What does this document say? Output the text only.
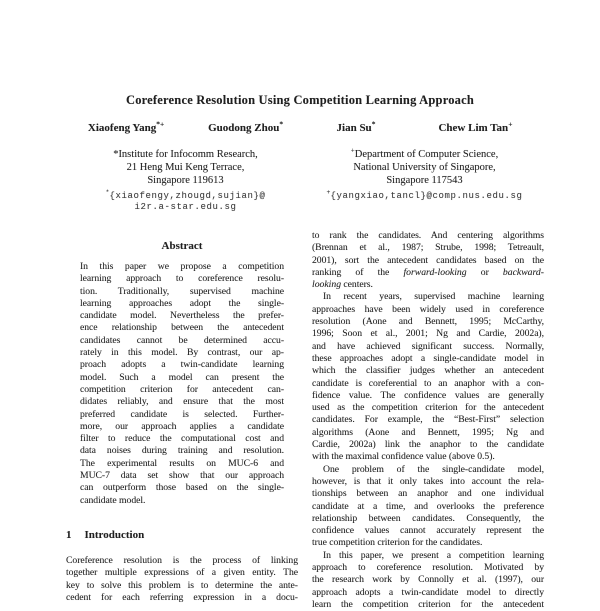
Coreference Resolution Using Competition Learning Approach
Xiaofeng Yang*+	Guodong Zhou*	Jian Su*	Chew Lim Tan+
*Institute for Infocomm Research,
21 Heng Mui Keng Terrace,
Singapore 119613
*{xiaofengy,zhougd,sujian}@
i2r.a-star.edu.sg
+Department of Computer Science,
National University of Singapore,
Singapore 117543
+{yangxiao,tancl}@comp.nus.edu.sg
Abstract
In this paper we propose a competition
learning approach to coreference resolu-
tion. Traditionally, supervised machine
learning approaches adopt the single-
candidate model. Nevertheless the prefer-
ence relationship between the antecedent
candidates cannot be determined accu-
rately in this model. By contrast, our ap-
proach adopts a twin-candidate learning
model. Such a model can present the
competition criterion for antecedent can-
didates reliably, and ensure that the most
preferred candidate is selected. Further-
more, our approach applies a candidate
filter to reduce the computational cost and
data noises during training and resolution.
The experimental results on MUC-6 and
MUC-7 data set show that our approach
can outperform those based on the single-
candidate model.
1 Introduction
Coreference resolution is the process of linking
together multiple expressions of a given entity. The
key to solve this problem is to determine the ante-
cedent for each referring expression in a docu-
to rank the candidates. And centering algorithms
(Brennan et al., 1987; Strube, 1998; Tetreault,
2001), sort the antecedent candidates based on the
ranking of the forward-looking or backward-
looking centers.
In recent years, supervised machine learning
approaches have been widely used in coreference
resolution (Aone and Bennett, 1995; McCarthy,
1996; Soon et al., 2001; Ng and Cardie, 2002a),
and have achieved significant success. Normally,
these approaches adopt a single-candidate model in
which the classifier judges whether an antecedent
candidate is coreferential to an anaphor with a con-
fidence value. The confidence values are generally
used as the competition criterion for the antecedent
candidates. For example, the “Best-First” selection
algorithms (Aone and Bennett, 1995; Ng and
Cardie, 2002a) link the anaphor to the candidate
with the maximal confidence value (above 0.5).
One problem of the single-candidate model,
however, is that it only takes into account the rela-
tionships between an anaphor and one individual
candidate at a time, and overlooks the preference
relationship between candidates. Consequently, the
confidence values cannot accurately represent the
true competition criterion for the candidates.
In this paper, we present a competition learning
approach to coreference resolution. Motivated by
the research work by Connolly et al. (1997), our
approach adopts a twin-candidate model to directly
learn the competition criterion for the antecedent
